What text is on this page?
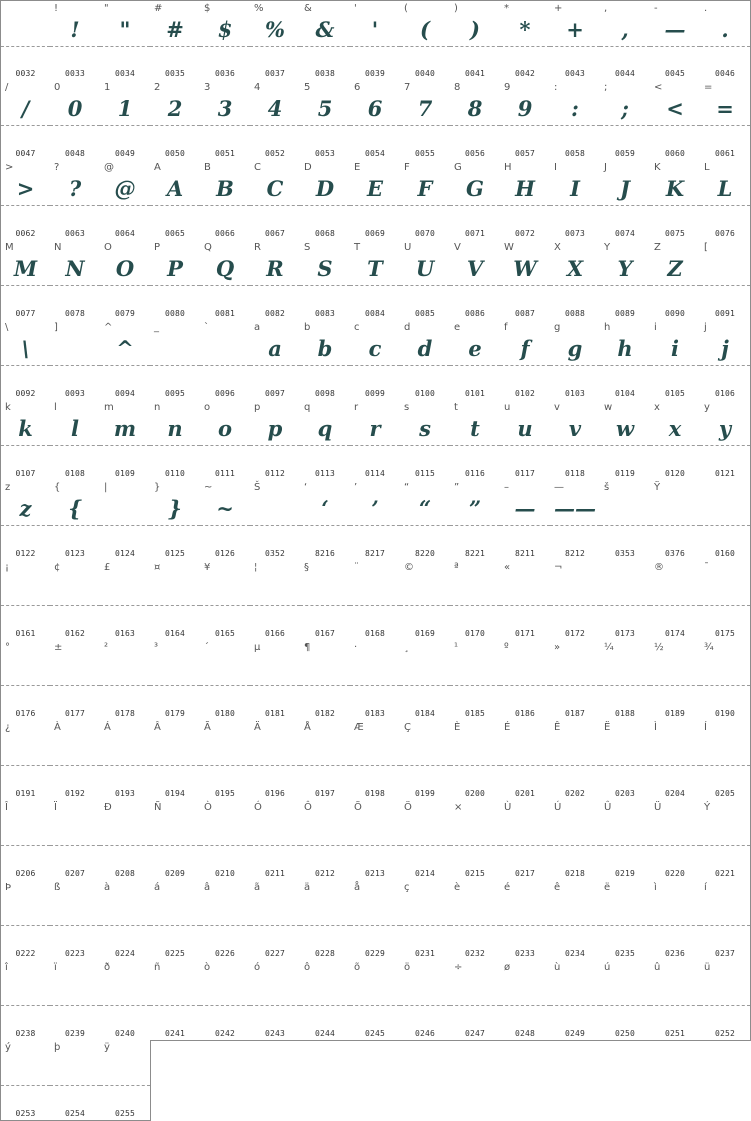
0032
!
!
0033
"
"
0034
#
#
0035
$
$
0036
%
%
0037
&
&
0038
'
'
0039
(
(
0040
)
)
0041
*
*
0042
+
+
0043
,
,
0044
-
—
0045
.
.
0046
/
/
0047
0
0
0048
1
1
0049
2
2
0050
3
3
0051
4
4
0052
5
5
0053
6
6
0054
7
7
0055
8
8
0056
9
9
0057
:
:
0058
;
;
0059
<
<
0060
=
=
0061
>
>
0062
?
?
0063
@
@
0064
A
A
0065
B
B
0066
C
C
0067
D
D
0068
E
E
0069
F
F
0070
G
G
0071
H
H
0072
I
I
0073
J
J
0074
K
K
0075
L
L
0076
M
M
0077
N
N
0078
O
O
0079
P
P
0080
Q
Q
0081
R
R
0082
S
S
0083
T
T
0084
U
U
0085
V
V
0086
W
W
0087
X
X
0088
Y
Y
0089
Z
Z
0090
[
0091
\
\
0092
]
0093
^
^
0094
_
0095
`
0096
a
a
0097
b
b
0098
c
c
0099
d
d
0100
e
e
0101
f
f
0102
g
g
0103
h
h
0104
i
i
0105
j
j
0106
k
k
0107
l
l
0108
m
m
0109
n
n
0110
o
o
0111
p
p
0112
q
q
0113
r
r
0114
s
s
0115
t
t
0116
u
u
0117
v
v
0118
w
w
0119
x
x
0120
y
y
0121
z
z
0122
{
{
0123
|
0124
}
}
0125
~
~
0126
Š
0352
‘
‘
8216
’
’
8217
“
“
8220
”
”
8221
–
—
8211
—
——
8212
š
0353
Ÿ
0376	0160
¡
0161
¢
0162
£
0163
¤
0164
¥
0165
¦
0166
§
0167
¨
0168
©
0169
ª
0170
«
0171
¬
0172	0173
®
0174
¯
0175
°
0176
±
0177
²
0178
³
0179
´
0180
µ
0181
¶
0182
·
0183
¸
0184
¹
0185
º
0186
»
0187
¼
0188
½
0189
¾
0190
¿
0191
À
0192
Á
0193
Â
0194
Ã
0195
Ä
0196
Å
0197
Æ
0198
Ç
0199
È
0200
É
0201
Ê
0202
Ë
0203
Ì
0204
Í
0205
Î
0206
Ï
0207
Ð
0208
Ñ
0209
Ò
0210
Ó
0211
Ô
0212
Õ
0213
Ö
0214
×
0215
Ù
0217
Ú
0218
Û
0219
Ü
0220
Ý
0221
Þ
0222
ß
0223
à
0224
á
0225
â
0226
ã
0227
ä
0228
å
0229
ç
0231
è
0232
é
0233
ê
0234
ë
0235
ì
0236
í
0237
î
0238
ï
0239
ð
0240
ñ
0241
ò
0242
ó
0243
ô
0244
õ
0245
ö
0246
÷
0247
ø
0248
ù
0249
ú
0250
û
0251
ü
0252
ý
0253
þ
0254
ÿ
0255
